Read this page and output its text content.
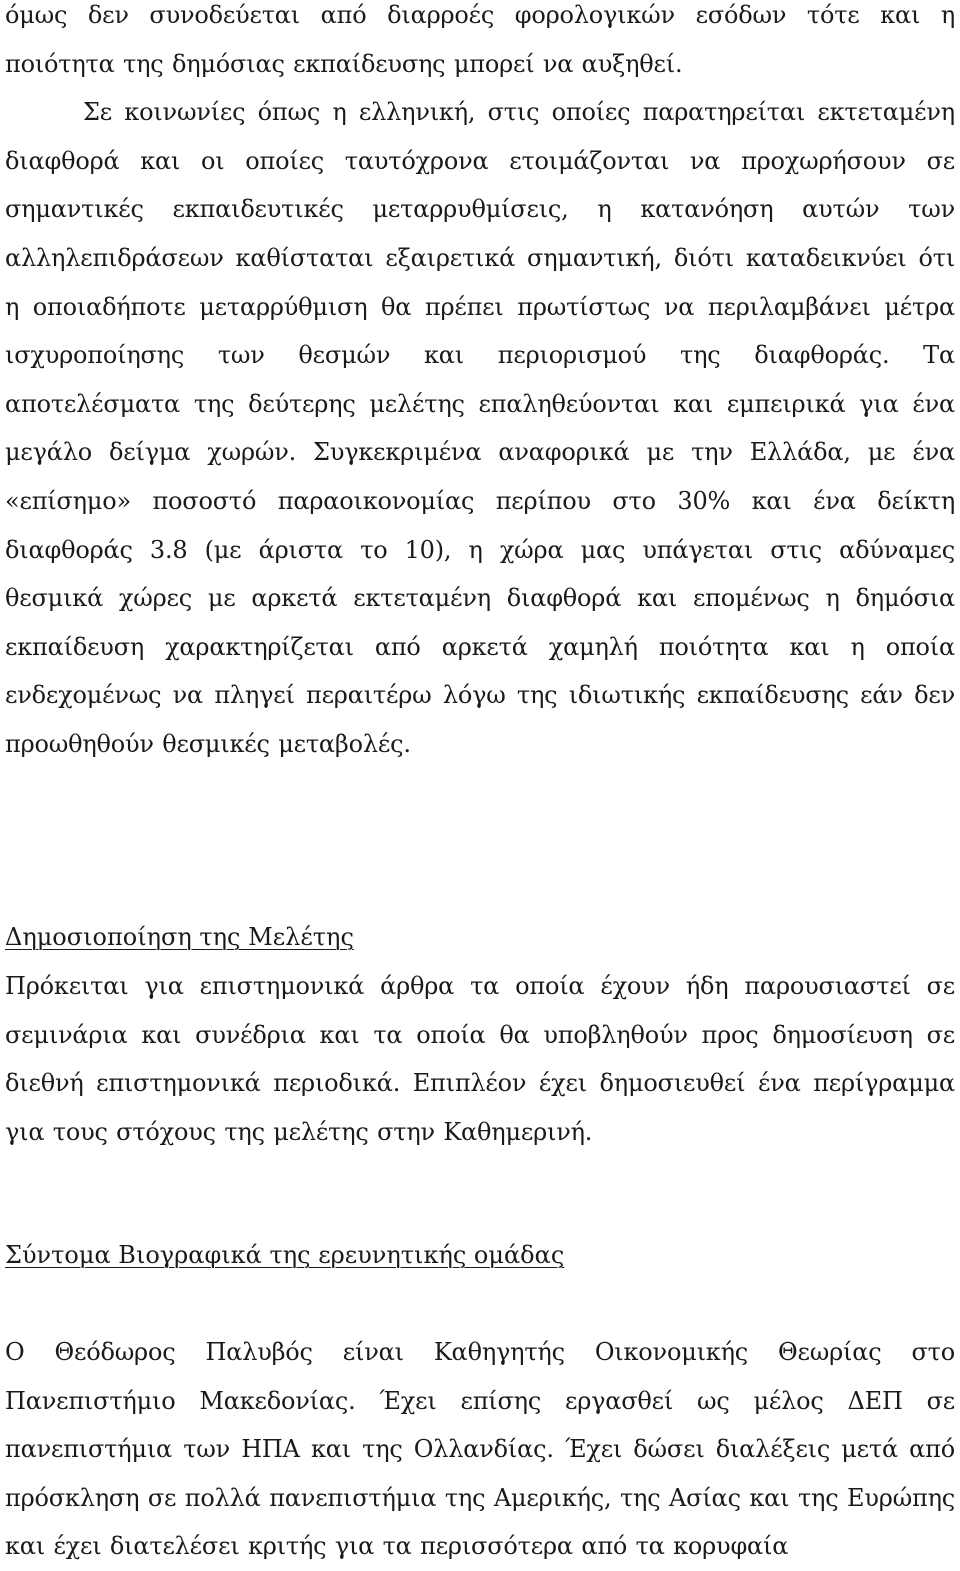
όμως δεν συνοδεύεται από διαρροές φορολογικών εσόδων τότε και η ποιότητα της δημόσιας εκπαίδευσης μπορεί να αυξηθεί.

Σε κοινωνίες όπως η ελληνική, στις οποίες παρατηρείται εκτεταμένη διαφθορά και οι οποίες ταυτόχρονα ετοιμάζονται να προχωρήσουν σε σημαντικές εκπαιδευτικές μεταρρυθμίσεις, η κατανόηση αυτών των αλληλεπιδράσεων καθίσταται εξαιρετικά σημαντική, διότι καταδεικνύει ότι η οποιαδήποτε μεταρρύθμιση θα πρέπει πρωτίστως να περιλαμβάνει μέτρα ισχυροποίησης των θεσμών και περιορισμού της διαφθοράς. Τα αποτελέσματα της δεύτερης μελέτης επαληθεύονται και εμπειρικά για ένα μεγάλο δείγμα χωρών. Συγκεκριμένα αναφορικά με την Ελλάδα, με ένα «επίσημο» ποσοστό παραοικονομίας περίπου στο 30% και ένα δείκτη διαφθοράς 3.8 (με άριστα το 10), η χώρα μας υπάγεται στις αδύναμες θεσμικά χώρες με αρκετά εκτεταμένη διαφθορά και επομένως η δημόσια εκπαίδευση χαρακτηρίζεται από αρκετά χαμηλή ποιότητα και η οποία ενδεχομένως να πληγεί περαιτέρω λόγω της ιδιωτικής εκπαίδευσης εάν δεν προωθηθούν θεσμικές μεταβολές.

Δημοσιοποίηση της Μελέτης

Πρόκειται για επιστημονικά άρθρα τα οποία έχουν ήδη παρουσιαστεί σε σεμινάρια και συνέδρια και τα οποία θα υποβληθούν προς δημοσίευση σε διεθνή επιστημονικά περιοδικά. Επιπλέον έχει δημοσιευθεί ένα περίγραμμα για τους στόχους της μελέτης στην Καθημερινή.

Σύντομα Βιογραφικά της ερευνητικής ομάδας

Ο Θεόδωρος Παλυβός είναι Καθηγητής Οικονομικής Θεωρίας στο Πανεπιστήμιο Μακεδονίας. Έχει επίσης εργασθεί ως μέλος ΔΕΠ σε πανεπιστήμια των ΗΠΑ και της Ολλανδίας. Έχει δώσει διαλέξεις μετά από πρόσκληση σε πολλά πανεπιστήμια της Αμερικής, της Ασίας και της Ευρώπης και έχει διατελέσει κριτής για τα περισσότερα από τα κορυφαία
